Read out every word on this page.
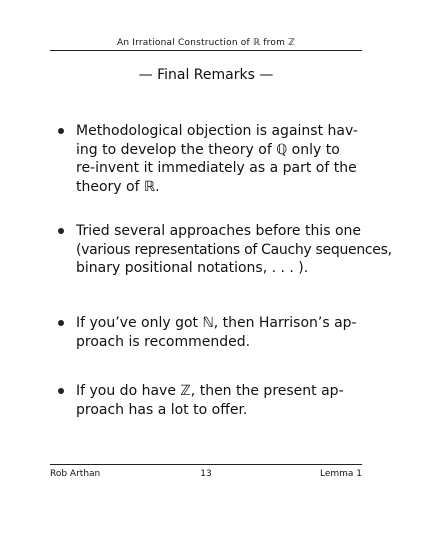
An Irrational Construction of ℝ from ℤ
— Final Remarks —
Methodological objection is against hav-
ing to develop the theory of ℚ only to
re-invent it immediately as a part of the
theory of ℝ.
Tried several approaches before this one
(various representations of Cauchy sequences,
binary positional notations, . . . ).
If you’ve only got ℕ, then Harrison’s ap-
proach is recommended.
If you do have ℤ, then the present ap-
proach has a lot to offer.
Rob Arthan	13	Lemma 1
